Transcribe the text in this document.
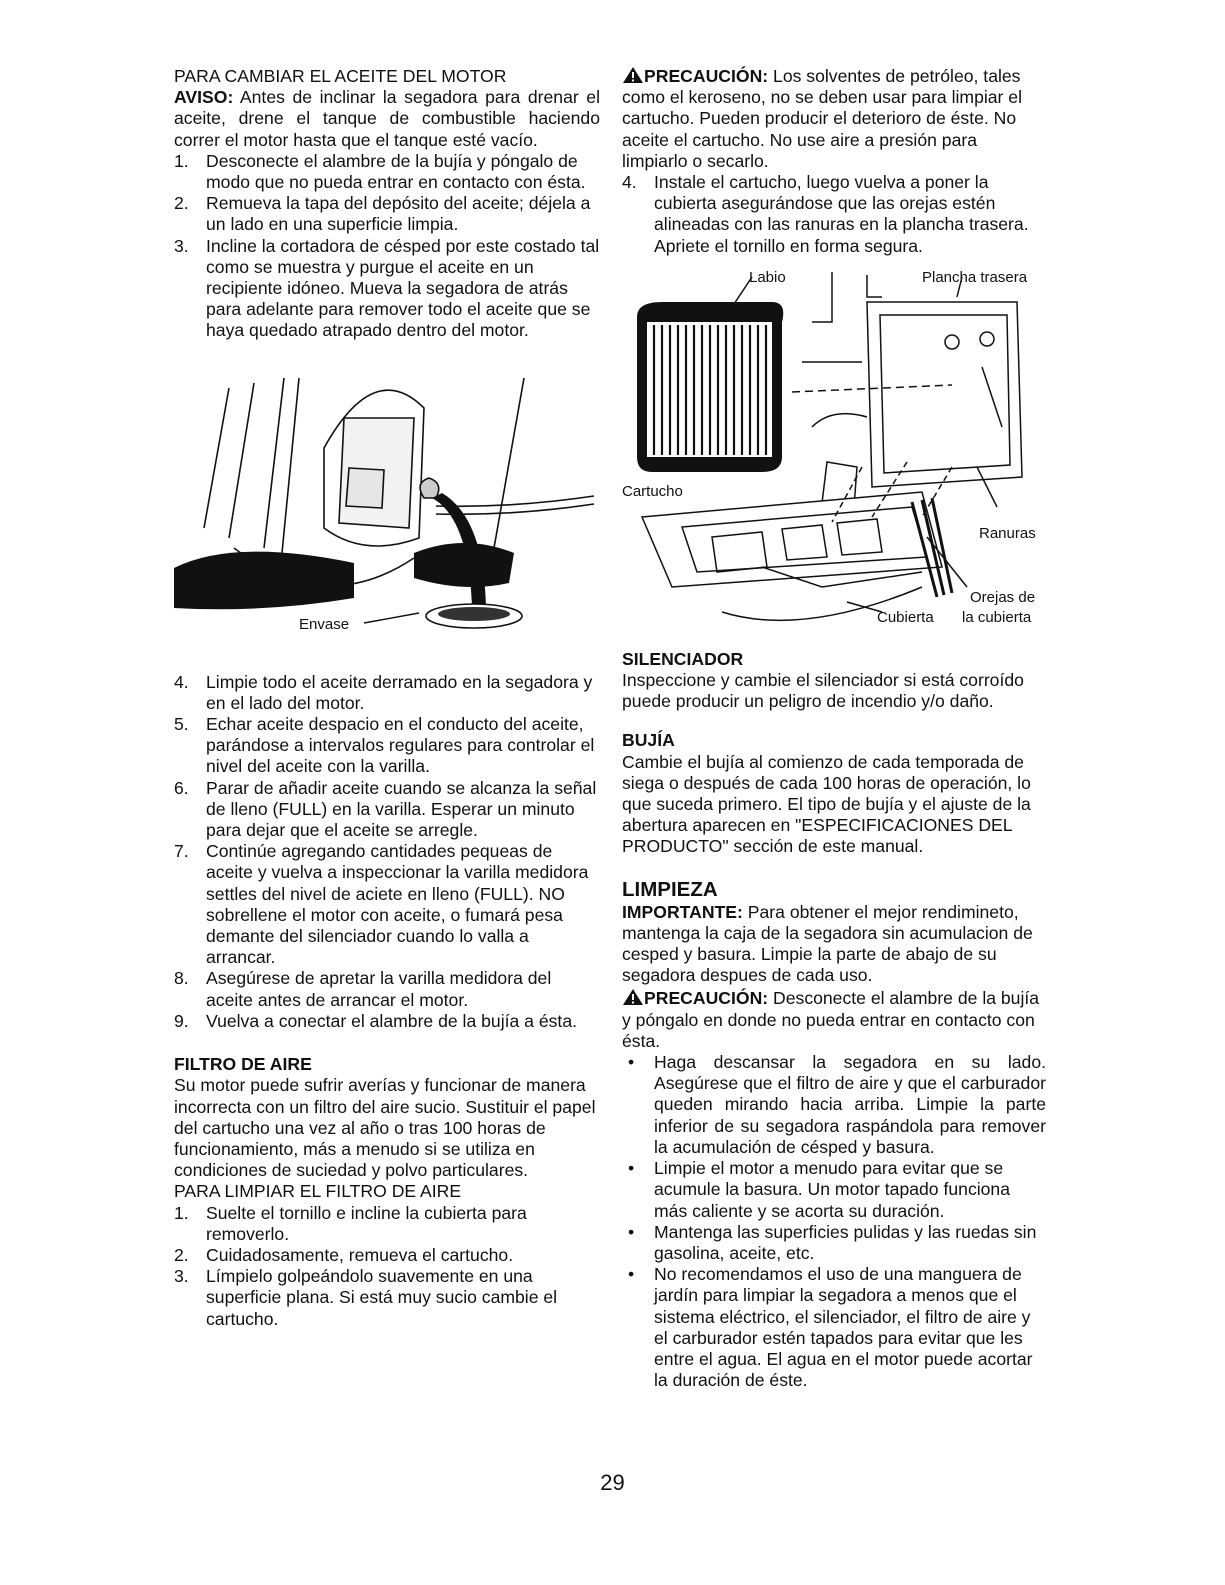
PARA CAMBIAR EL ACEITE DEL MOTOR

AVISO: Antes de inclinar la segadora para drenar el aceite, drene el tanque de combustible haciendo correr el motor hasta que el tanque esté vacío.

1. Desconecte el alambre de la bujía y póngalo de modo que no pueda entrar en contacto con ésta.
2. Remueva la tapa del depósito del aceite; déjela a un lado en una superficie limpia.
3. Incline la cortadora de césped por este costado tal como se muestra y purgue el aceite en un recipiente idóneo. Mueva la segadora de atrás para adelante para remover todo el aceite que se haya quedado atrapado dentro del motor.
Envase
4. Limpie todo el aceite derramado en la segadora y en el lado del motor.
5. Echar aceite despacio en el conducto del aceite, parándose a intervalos regulares para controlar el nivel del aceite con la varilla.
6. Parar de añadir aceite cuando se alcanza la señal de lleno (FULL) en la varilla. Esperar un minuto para dejar que el aceite se arregle.
7. Continúe agregando cantidades pequeas de aceite y vuelva a inspeccionar la varilla medidora settles del nivel de aciete en lleno (FULL). NO sobrellene el motor con aceite, o fumará pesa demante del silenciador cuando lo valla a arrancar.
8. Asegúrese de apretar la varilla medidora del aceite antes de arrancar el motor.
9. Vuelva a conectar el alambre de la bujía a ésta.

FILTRO DE AIRE

Su motor puede sufrir averías y funcionar de manera incorrecta con un filtro del aire sucio. Sustituir el papel del cartucho una vez al año o tras 100 horas de funcionamiento, más a menudo si se utiliza en condiciones de suciedad y polvo particulares.

PARA LIMPIAR EL FILTRO DE AIRE

1. Suelte el tornillo e incline la cubierta para removerlo.
2. Cuidadosamente, remueva el cartucho.
3. Límpielo golpeándolo suavemente en una superficie plana. Si está muy sucio cambie el cartucho.

PRECAUCIÓN: Los solventes de petróleo, tales como el keroseno, no se deben usar para limpiar el cartucho. Pueden producir el deterioro de éste. No aceite el cartucho. No use aire a presión para limpiarlo o secarlo.

4. Instale el cartucho, luego vuelva a poner la cubierta asegurándose que las orejas estén alineadas con las ranuras en la plancha trasera. Apriete el tornillo en forma segura.
Labio	Plancha trasera
Cartucho
Ranuras
Orejas de
la cubierta
Cubierta

SILENCIADOR

Inspeccione y cambie el silenciador si está corroído puede producir un peligro de incendio y/o daño.

BUJÍA

Cambie el bujía al comienzo de cada temporada de siega o después de cada 100 horas de operación, lo que suceda primero. El tipo de bujía y el ajuste de la abertura aparecen en "ESPECIFICACIONES DEL PRODUCTO" sección de este manual.

LIMPIEZA

IMPORTANTE: Para obtener el mejor rendimineto, mantenga la caja de la segadora sin acumulacion de cesped y basura. Limpie la parte de abajo de su segadora despues de cada uso.

PRECAUCIÓN: Desconecte el alambre de la bujía y póngalo en donde no pueda entrar en contacto con ésta.

• Haga descansar la segadora en su lado. Asegúrese que el filtro de aire y que el carburador queden mirando hacia arriba. Limpie la parte inferior de su segadora raspándola para remover la acumulación de césped y basura.
• Limpie el motor a menudo para evitar que se acumule la basura. Un motor tapado funciona más caliente y se acorta su duración.
• Mantenga las superficies pulidas y las ruedas sin gasolina, aceite, etc.
• No recomendamos el uso de una manguera de jardín para limpiar la segadora a menos que el sistema eléctrico, el silenciador, el filtro de aire y el carburador estén tapados para evitar que les entre el agua. El agua en el motor puede acortar la duración de éste.
29
